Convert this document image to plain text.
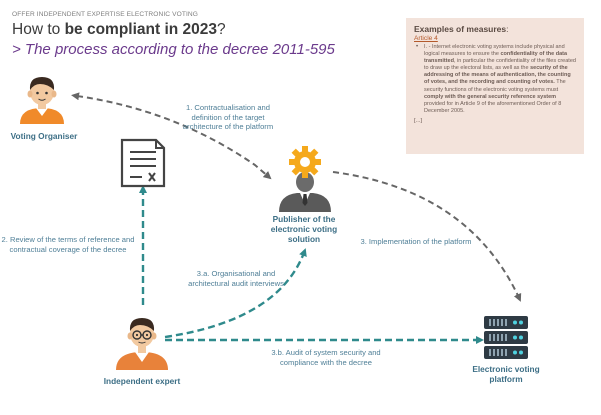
OFFER INDEPENDENT EXPERTISE ELECTRONIC VOTING
How to be compliant in 2023?
> The process according to the decree 2011-595
Examples of measures:
Article 4
• I. - Internet electronic voting systems include physical and logical measures to ensure the confidentiality of the data transmitted, in particular the confidentiality of the files created to draw up the electoral lists, as well as the security of the addressing of the means of authentication, the counting of votes, and the recording and counting of votes. The security functions of the electronic voting systems must comply with the general security reference system provided for in Article 9 of the aforementioned Order of 8 December 2005.
[...]
Voting Organiser
Publisher of the electronic voting solution
Electronic voting platform
Independent expert
1. Contractualisation and definition of the target architecture of the platform
2. Review of the terms of reference and contractual coverage of the decree
3. Implementation of the platform
3.a. Organisational and architectural audit interviews
3.b. Audit of system security and compliance with the decree
